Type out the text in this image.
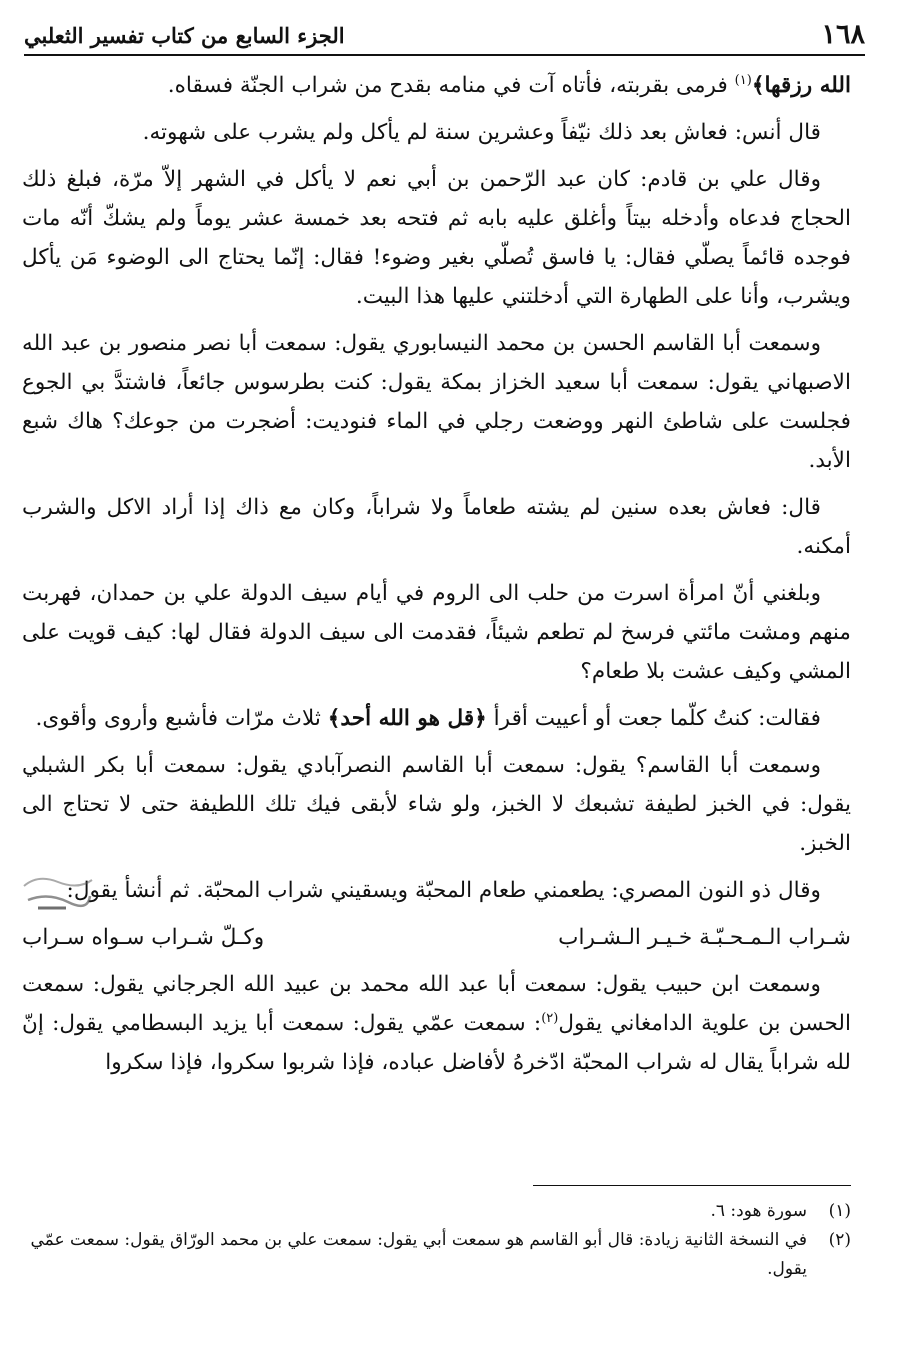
١٦٨
الجزء السابع من كتاب تفسير الثعلبي

الله رزقها﴾$^{(١)}$ فرمى بقربته، فأتاه آت في منامه بقدح من شراب الجنّة فسقاه.

قال أنس: فعاش بعد ذلك نيّفاً وعشرين سنة لم يأكل ولم يشرب على شهوته.

وقال علي بن قادم: كان عبد الرّحمن بن أبي نعم لا يأكل في الشهر إلاّ مرّة، فبلغ ذلك الحجاج فدعاه وأدخله بيتاً وأغلق عليه بابه ثم فتحه بعد خمسة عشر يوماً ولم يشكّ أنّه مات فوجده قائماً يصلّي فقال: يا فاسق تُصلّي بغير وضوء! فقال: إنّما يحتاج الى الوضوء مَن يأكل ويشرب، وأنا على الطهارة التي أدخلتني عليها هذا البيت.

وسمعت أبا القاسم الحسن بن محمد النيسابوري يقول: سمعت أبا نصر منصور بن عبد الله الاصبهاني يقول: سمعت أبا سعيد الخزاز بمكة يقول: كنت بطرسوس جائعاً، فاشتدَّ بي الجوع فجلست على شاطئ النهر ووضعت رجلي في الماء فنوديت: أضجرت من جوعك؟ هاك شبع الأبد.

قال: فعاش بعده سنين لم يشته طعاماً ولا شراباً، وكان مع ذاك إذا أراد الاكل والشرب أمكنه.

وبلغني أنّ امرأة اسرت من حلب الى الروم في أيام سيف الدولة علي بن حمدان، فهربت منهم ومشت مائتي فرسخ لم تطعم شيئاً، فقدمت الى سيف الدولة فقال لها: كيف قويت على المشي وكيف عشت بلا طعام؟

فقالت: كنتُ كلّما جعت أو أعييت أقرأ ﴿قل هو الله أحد﴾ ثلاث مرّات فأشبع وأروى وأقوى.

وسمعت أبا القاسم؟ يقول: سمعت أبا القاسم النصرآبادي يقول: سمعت أبا بكر الشبلي يقول: في الخبز لطيفة تشبعك لا الخبز، ولو شاء لأبقى فيك تلك اللطيفة حتى لا تحتاج الى الخبز.

وقال ذو النون المصري: يطعمني طعام المحبّة ويسقيني شراب المحبّة. ثم أنشأ يقول:

شـراب الـمـحـبّـة خـيـر الـشـراب
وكـلّ شـراب سـواه سـراب

وسمعت ابن حبيب يقول: سمعت أبا عبد الله محمد بن عبيد الله الجرجاني يقول: سمعت الحسن بن علوية الدامغاني يقول$^{(٢)}$: سمعت عمّي يقول: سمعت أبا يزيد البسطامي يقول: إنّ لله شراباً يقال له شراب المحبّة ادّخرهُ لأفاضل عباده، فإذا شربوا سكروا، فإذا سكروا

(١)
سورة هود: ٦.
(٢)
في النسخة الثانية زيادة: قال أبو القاسم هو سمعت أبي يقول: سمعت علي بن محمد الورّاق يقول: سمعت عمّي يقول.
